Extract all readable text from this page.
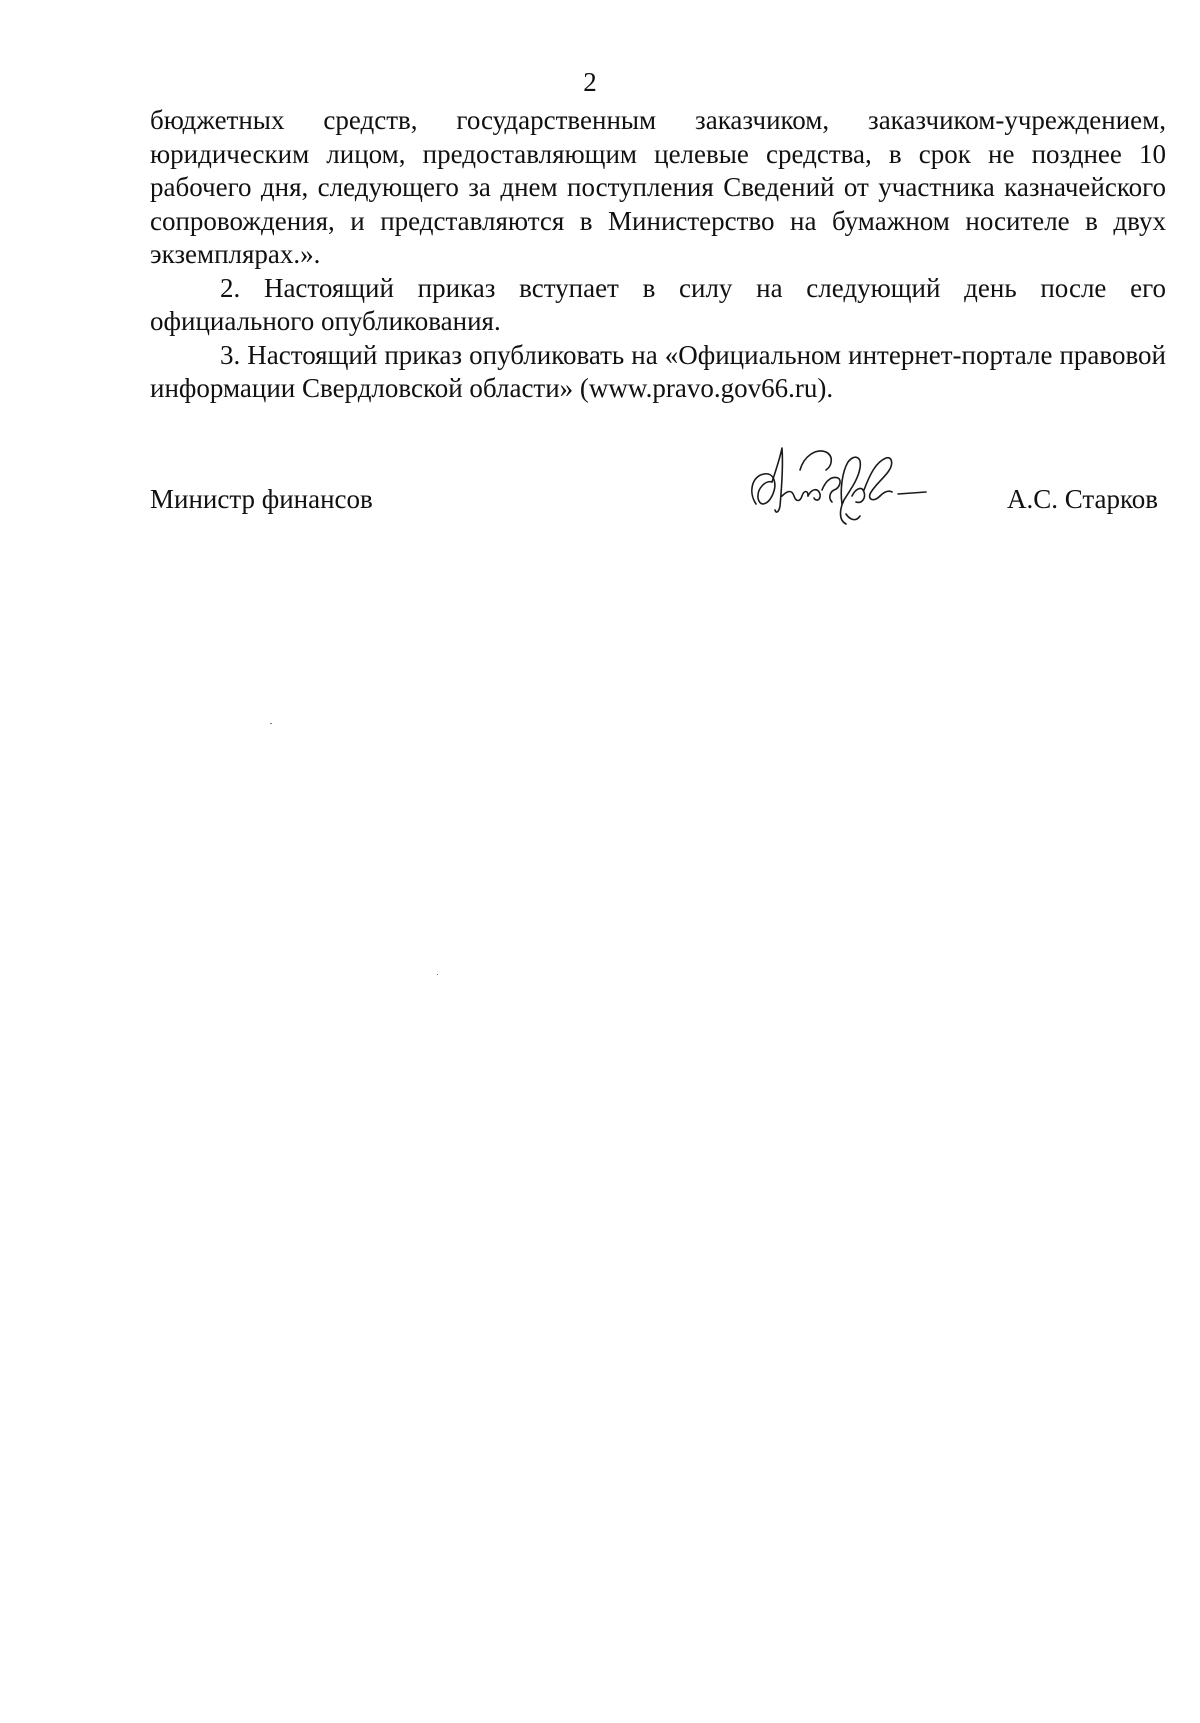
2

бюджетных средств, государственным заказчиком, заказчиком-учреждением, юридическим лицом, предоставляющим целевые средства, в срок не позднее 10 рабочего дня, следующего за днем поступления Сведений от участника казначейского сопровождения, и представляются в Министерство на бумажном носителе в двух экземплярах.».

2. Настоящий приказ вступает в силу на следующий день после его официального опубликования.

3. Настоящий приказ опубликовать на «Официальном интернет-портале правовой информации Свердловской области» (www.pravo.gov66.ru).

Министр финансов	А.С. Старков
